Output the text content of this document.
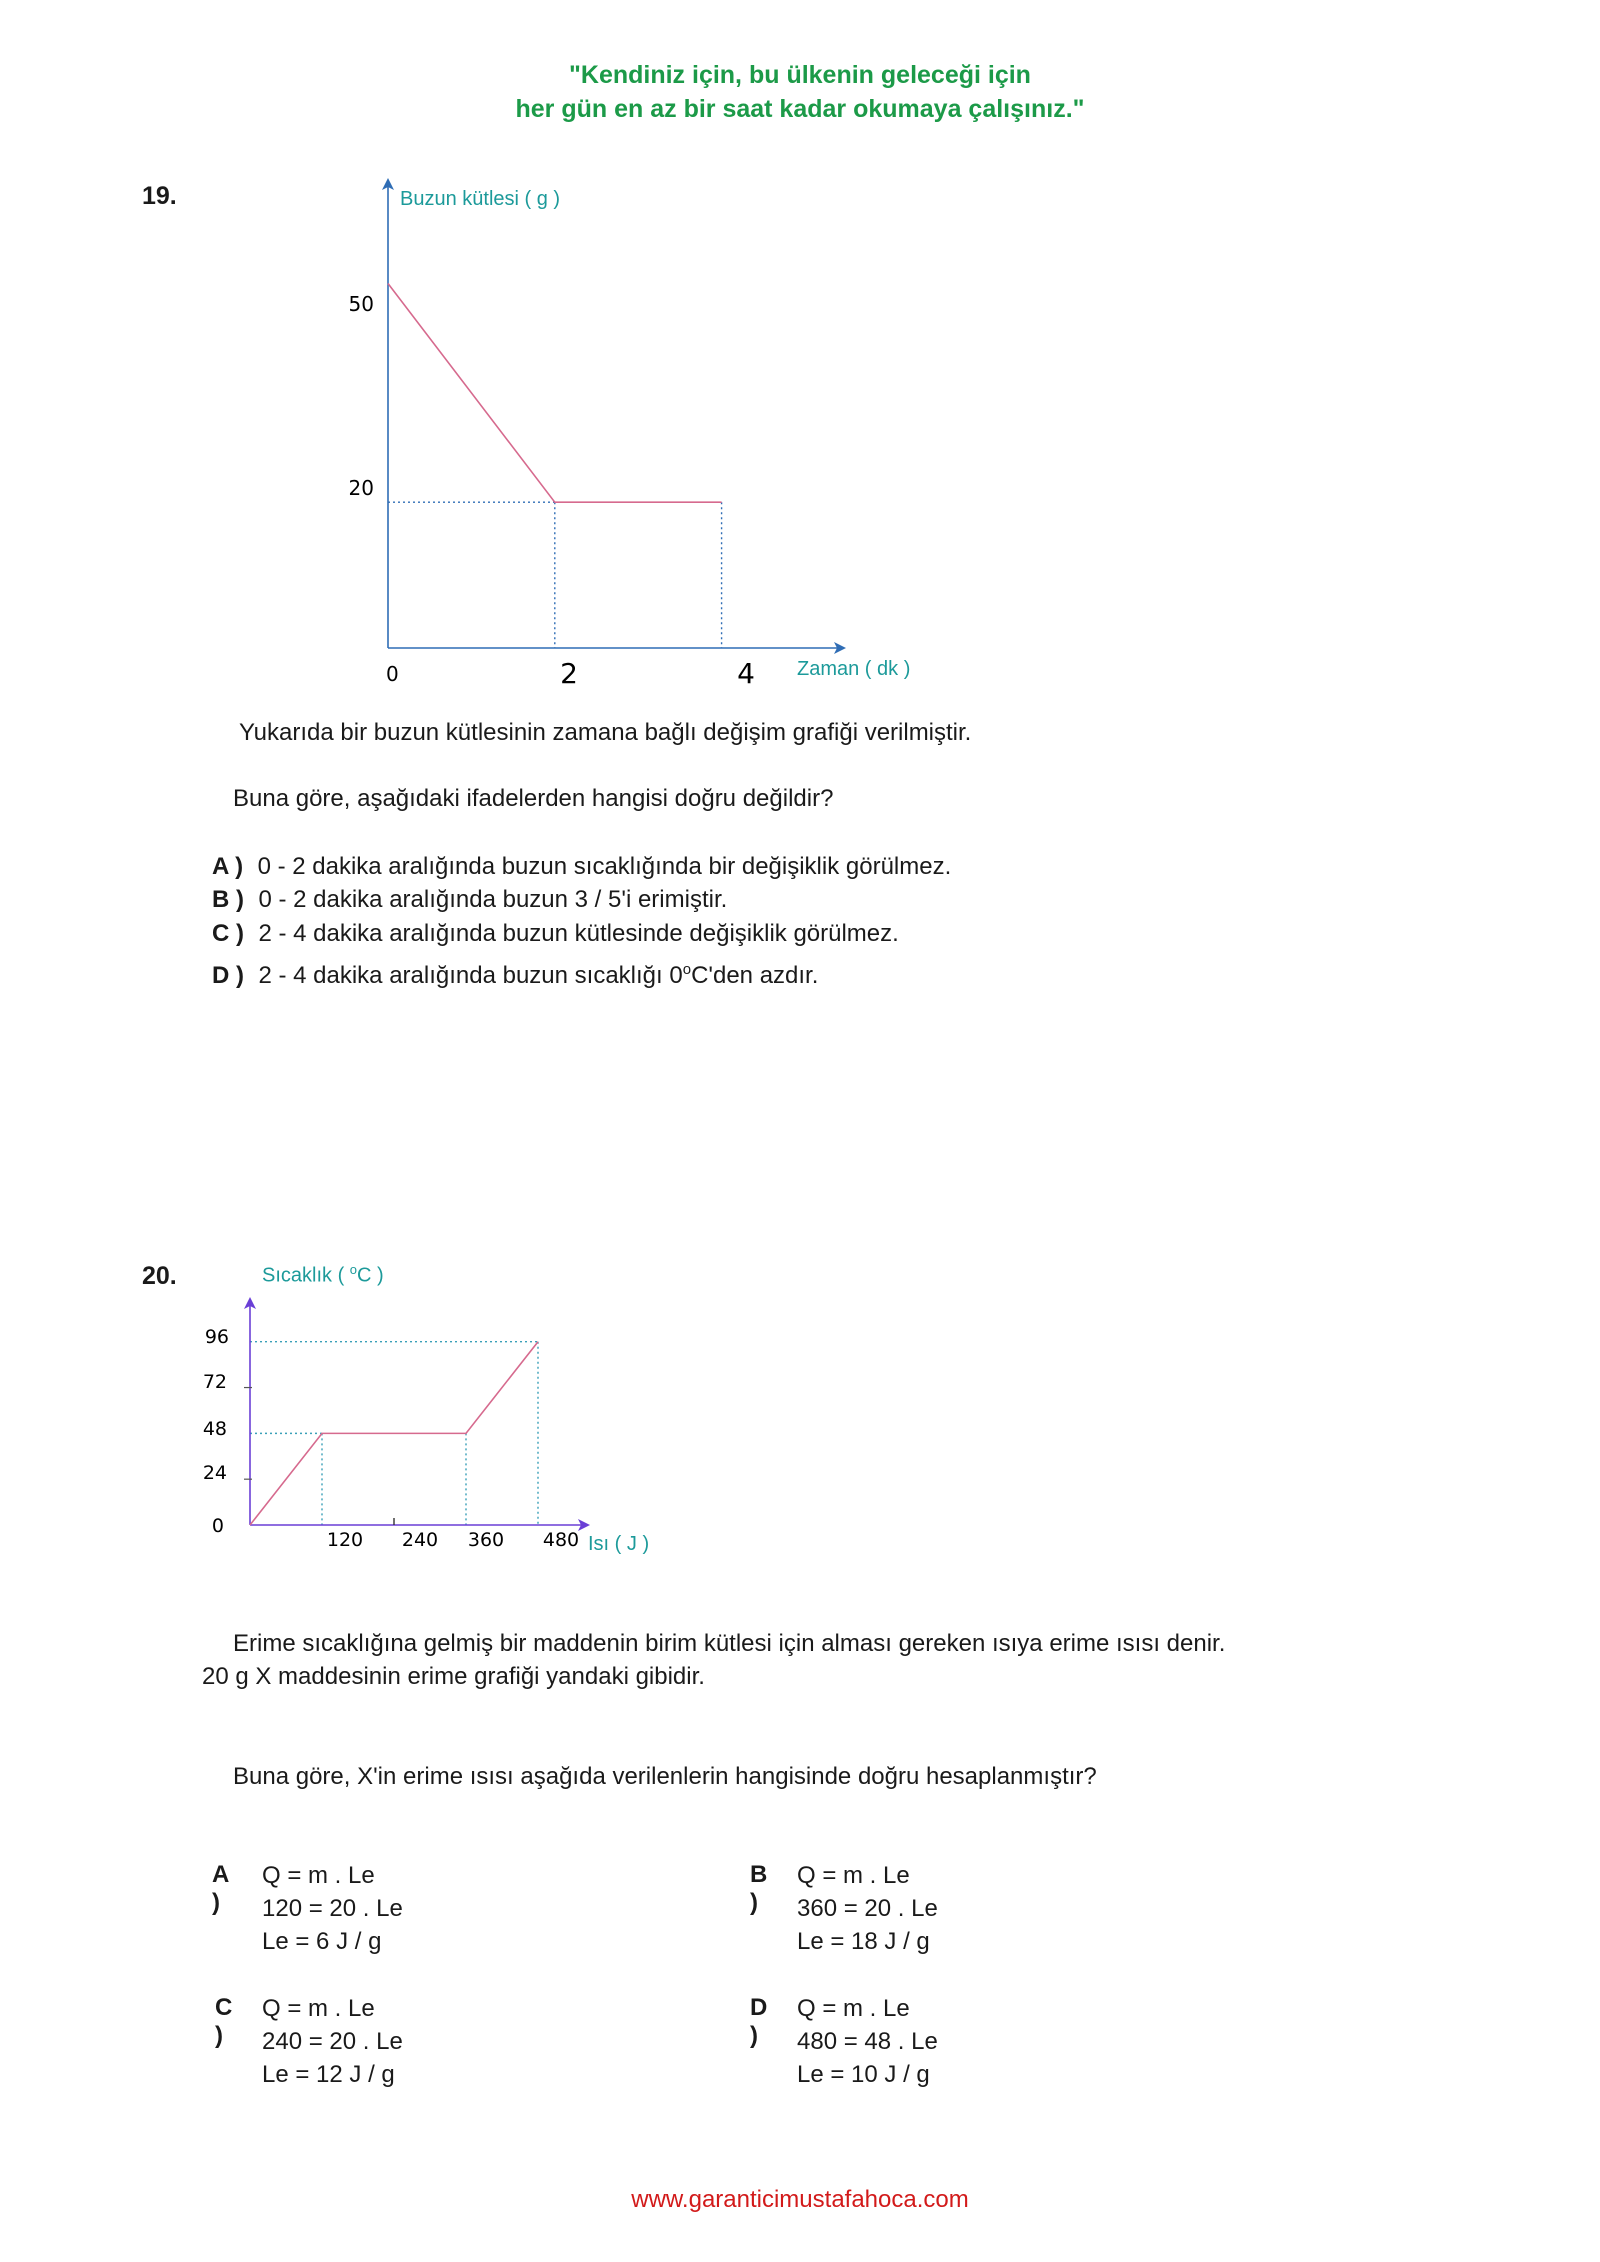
"Kendiniz için, bu ülkenin geleceği için
her gün en az bir saat kadar okumaya çalışınız."
19.	Buzun kütlesi ( g )
Zaman ( dk )
50
20
0	2	4
Yukarıda bir buzun kütlesinin zamana bağlı değişim grafiği verilmiştir.
Buna göre, aşağıdaki ifadelerden hangisi doğru değildir?
A ) 0 - 2 dakika aralığında buzun sıcaklığında bir değişiklik görülmez.
B ) 0 - 2 dakika aralığında buzun 3 / 5'i erimiştir.
C ) 2 - 4 dakika aralığında buzun kütlesinde değişiklik görülmez.
D ) 2 - 4 dakika aralığında buzun sıcaklığı 0$^o$C'den azdır.
20.	Sıcaklık ( $^o$C )
96
72
48
24
0
120 240 360 480 Isı ( J )
Erime sıcaklığına gelmiş bir maddenin birim kütlesi için alması gereken ısıya erime ısısı denir.
20 g X maddesinin erime grafiği yandaki gibidir.
Buna göre, X'in erime ısısı aşağıda verilenlerin hangisinde doğru hesaplanmıştır?
A )
Q = m . Le
120 = 20 . Le
Le = 6 J / g
B )
Q = m . Le
360 = 20 . Le
Le = 18 J / g
C )
Q = m . Le
240 = 20 . Le
Le = 12 J / g
D )
Q = m . Le
480 = 48 . Le
Le = 10 J / g
www.garanticimustafahoca.com
